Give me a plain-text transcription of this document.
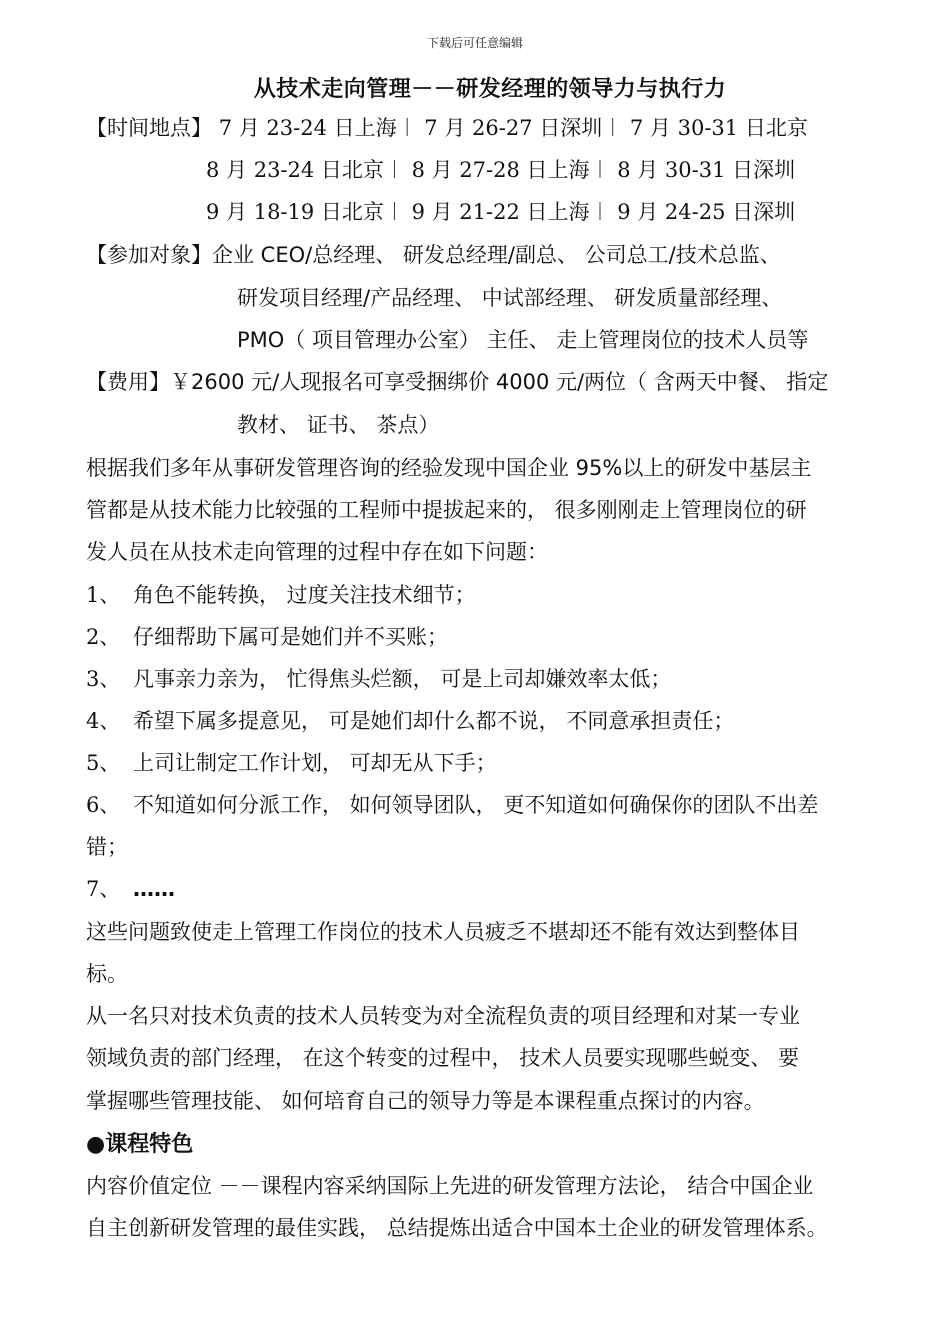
下载后可任意编辑
从技术走向管理－－研发经理的领导力与执行力
【时间地点】 7 月 23-24 日上海︱ 7 月 26-27 日深圳︱ 7 月 30-31 日北京
8 月 23-24 日北京︱ 8 月 27-28 日上海︱ 8 月 30-31 日深圳
9 月 18-19 日北京︱ 9 月 21-22 日上海︱ 9 月 24-25 日深圳
【参加对象】企业 CEO/总经理、 研发总经理/副总、 公司总工/技术总监、
研发项目经理/产品经理、 中试部经理、 研发质量部经理、
PMO（ 项目管理办公室） 主任、 走上管理岗位的技术人员等
【费用】￥2600 元/人现报名可享受捆绑价 4000 元/两位（ 含两天中餐、 指定
教材、 证书、 茶点）
根据我们多年从事研发管理咨询的经验发现中国企业 95%以上的研发中基层主
管都是从技术能力比较强的工程师中提拔起来的， 很多刚刚走上管理岗位的研
发人员在从技术走向管理的过程中存在如下问题：
1、 角色不能转换， 过度关注技术细节；
2、 仔细帮助下属可是她们并不买账；
3、 凡事亲力亲为， 忙得焦头烂额， 可是上司却嫌效率太低；
4、 希望下属多提意见， 可是她们却什么都不说， 不同意承担责任；
5、 上司让制定工作计划， 可却无从下手；
6、 不知道如何分派工作， 如何领导团队， 更不知道如何确保你的团队不出差
错；
7、 ……
这些问题致使走上管理工作岗位的技术人员疲乏不堪却还不能有效达到整体目
标。
从一名只对技术负责的技术人员转变为对全流程负责的项目经理和对某一专业
领域负责的部门经理， 在这个转变的过程中， 技术人员要实现哪些蜕变、 要
掌握哪些管理技能、 如何培育自己的领导力等是本课程重点探讨的内容。
●课程特色
内容价值定位 －－课程内容采纳国际上先进的研发管理方法论， 结合中国企业
自主创新研发管理的最佳实践， 总结提炼出适合中国本土企业的研发管理体系。
